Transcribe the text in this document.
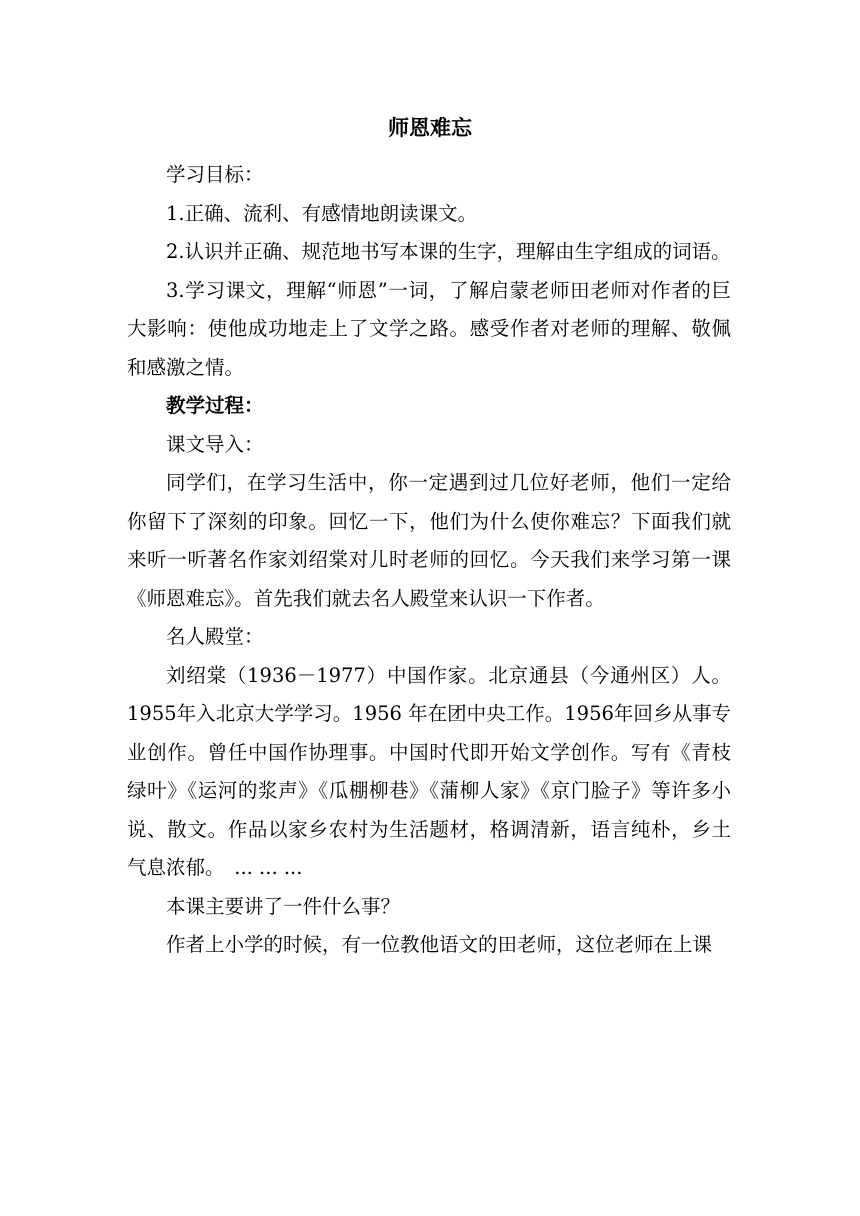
师恩难忘

学习目标：

1.正确、流利、有感情地朗读课文。

2.认识并正确、规范地书写本课的生字，理解由生字组成的词语。

3.学习课文，理解“师恩”一词，了解启蒙老师田老师对作者的巨大影响：使他成功地走上了文学之路。感受作者对老师的理解、敬佩和感激之情。

教学过程：

课文导入：

同学们，在学习生活中，你一定遇到过几位好老师，他们一定给你留下了深刻的印象。回忆一下，他们为什么使你难忘？下面我们就来听一听著名作家刘绍棠对儿时老师的回忆。今天我们来学习第一课《师恩难忘》。首先我们就去名人殿堂来认识一下作者。

名人殿堂：

刘绍棠（1936－1977）中国作家。北京通县（今通州区）人。1955年入北京大学学习。1956 年在团中央工作。1956年回乡从事专业创作。曾任中国作协理事。中国时代即开始文学创作。写有《青枝绿叶》《运河的浆声》《瓜棚柳巷》《蒲柳人家》《京门脸子》等许多小说、散文。作品以家乡农村为生活题材，格调清新，语言纯朴，乡土气息浓郁。　... ... ...

本课主要讲了一件什么事？

作者上小学的时候，有一位教他语文的田老师，这位老师在上课
